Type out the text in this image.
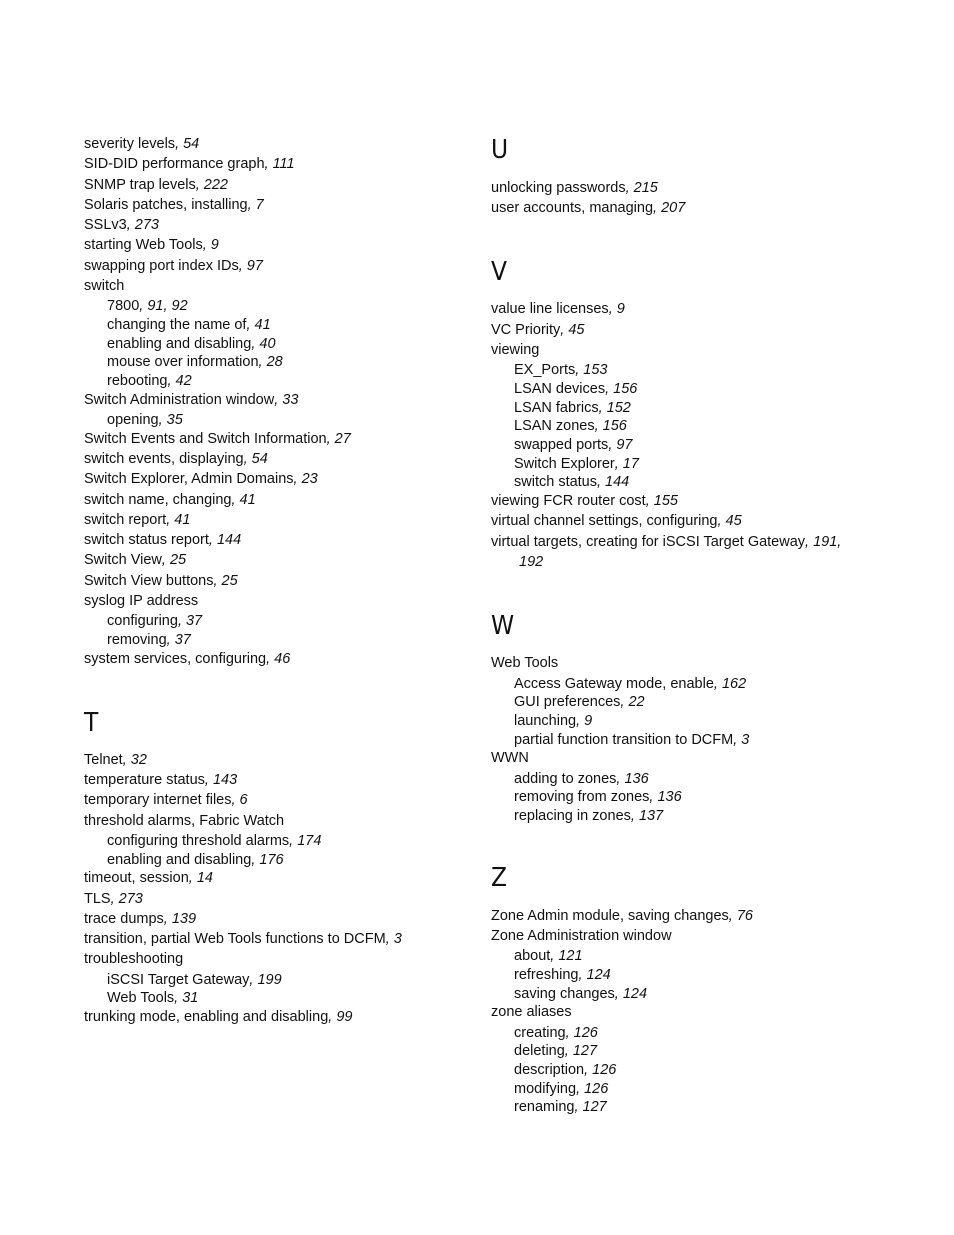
severity levels, 54
SID-DID performance graph, 111
SNMP trap levels, 222
Solaris patches, installing, 7
SSLv3, 273
starting Web Tools, 9
swapping port index IDs, 97
switch
7800, 91, 92
changing the name of, 41
enabling and disabling, 40
mouse over information, 28
rebooting, 42
Switch Administration window, 33
opening, 35
Switch Events and Switch Information, 27
switch events, displaying, 54
Switch Explorer, Admin Domains, 23
switch name, changing, 41
switch report, 41
switch status report, 144
Switch View, 25
Switch View buttons, 25
syslog IP address
configuring, 37
removing, 37
system services, configuring, 46
T
Telnet, 32
temperature status, 143
temporary internet files, 6
threshold alarms, Fabric Watch
configuring threshold alarms, 174
enabling and disabling, 176
timeout, session, 14
TLS, 273
trace dumps, 139
transition, partial Web Tools functions to DCFM, 3
troubleshooting
iSCSI Target Gateway, 199
Web Tools, 31
trunking mode, enabling and disabling, 99
U
unlocking passwords, 215
user accounts, managing, 207
V
value line licenses, 9
VC Priority, 45
viewing
EX_Ports, 153
LSAN devices, 156
LSAN fabrics, 152
LSAN zones, 156
swapped ports, 97
Switch Explorer, 17
switch status, 144
viewing FCR router cost, 155
virtual channel settings, configuring, 45
virtual targets, creating for iSCSI Target Gateway, 191,
192
W
Web Tools
Access Gateway mode, enable, 162
GUI preferences, 22
launching, 9
partial function transition to DCFM, 3
WWN
adding to zones, 136
removing from zones, 136
replacing in zones, 137
Z
Zone Admin module, saving changes, 76
Zone Administration window
about, 121
refreshing, 124
saving changes, 124
zone aliases
creating, 126
deleting, 127
description, 126
modifying, 126
renaming, 127
